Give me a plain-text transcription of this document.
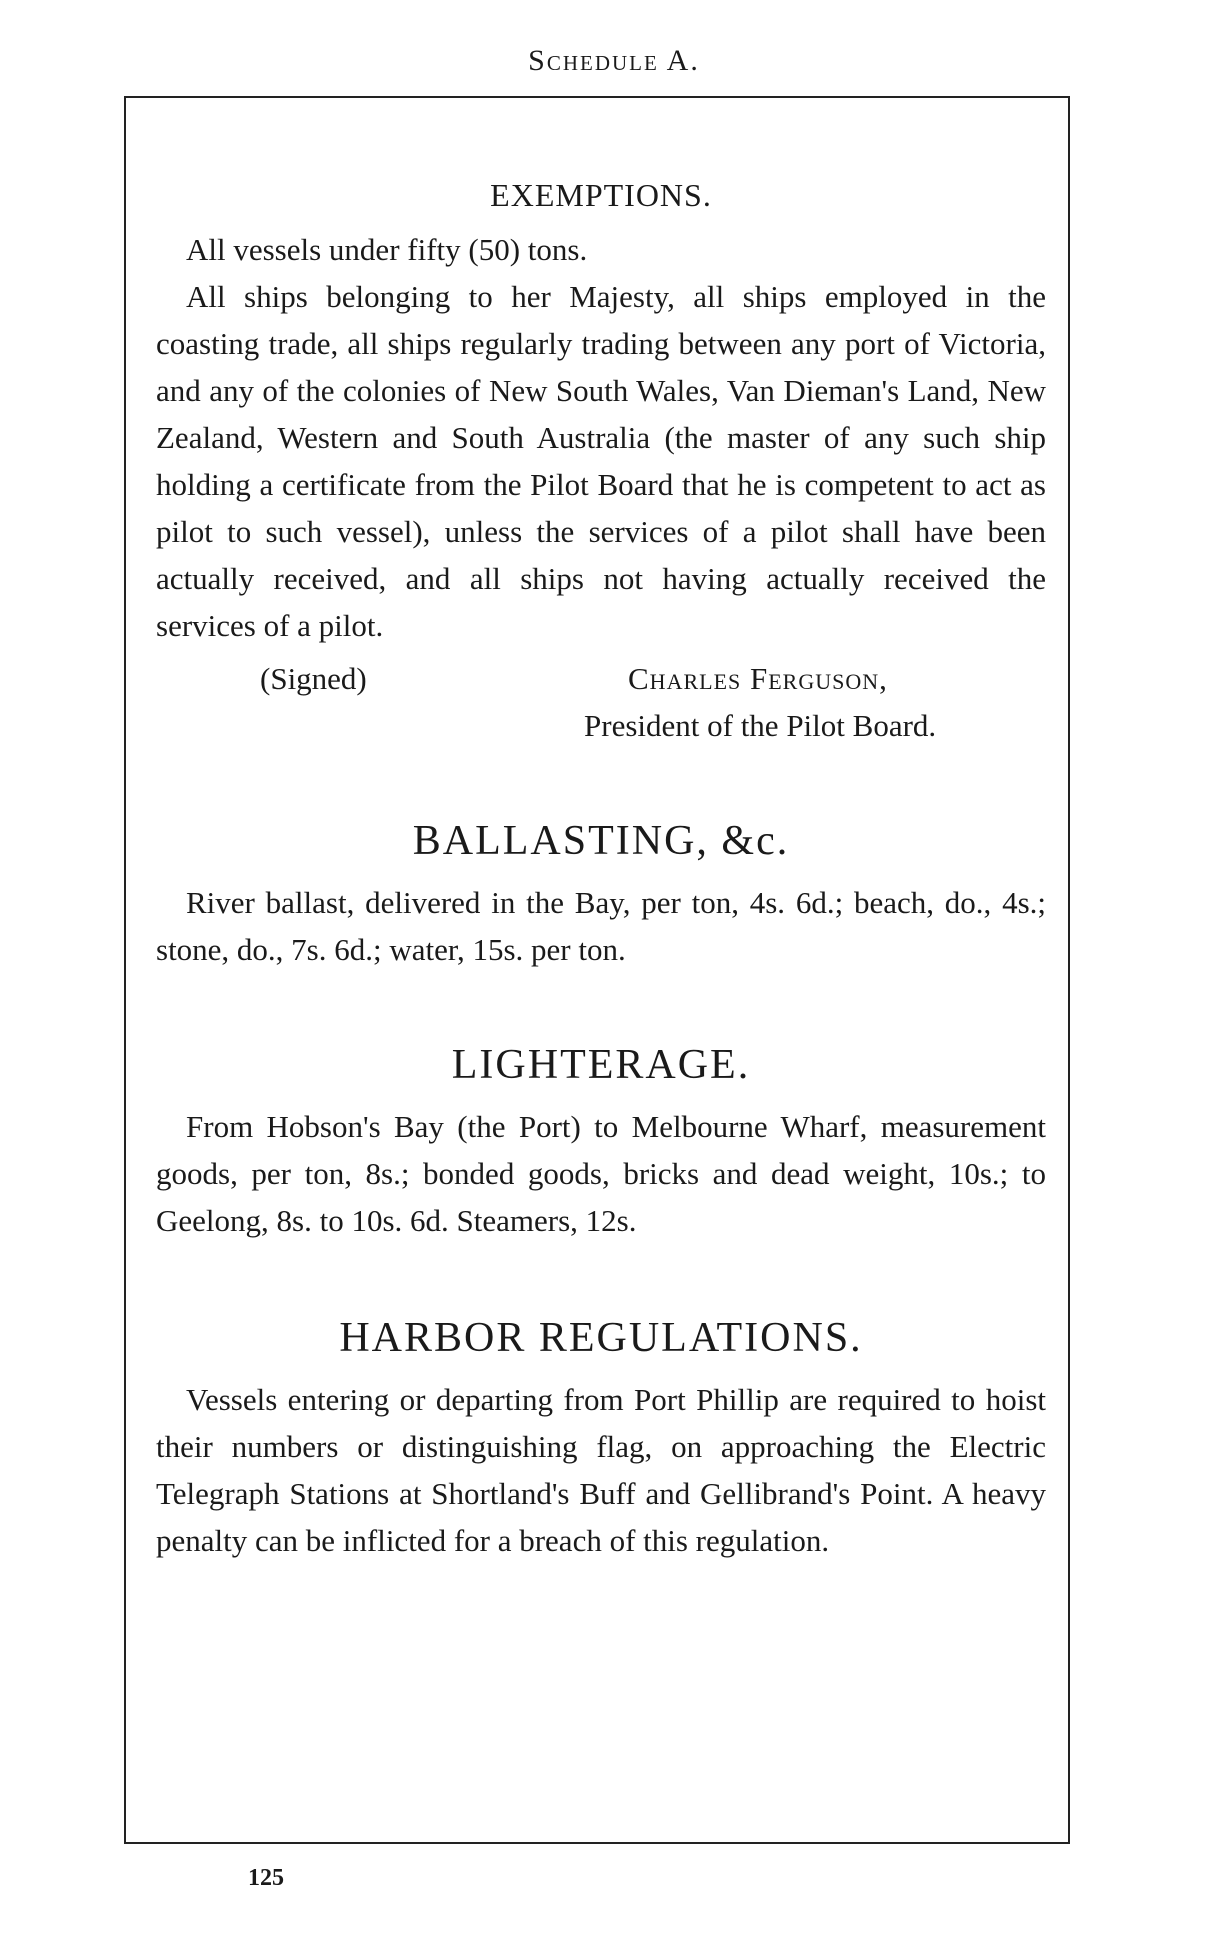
Schedule A.
EXEMPTIONS.

All vessels under fifty (50) tons.

All ships belonging to her Majesty, all ships employed in the coasting trade, all ships regularly trading between any port of Victoria, and any of the colonies of New South Wales, Van Dieman's Land, New Zealand, Western and South Australia (the master of any such ship holding a certificate from the Pilot Board that he is competent to act as pilot to such vessel), unless the services of a pilot shall have been actually received, and all ships not having actually received the services of a pilot.

(Signed)	Charles Ferguson,
President of the Pilot Board.
BALLASTING, &c.

River ballast, delivered in the Bay, per ton, 4s. 6d.; beach, do., 4s.; stone, do., 7s. 6d.; water, 15s. per ton.

LIGHTERAGE.

From Hobson's Bay (the Port) to Melbourne Wharf, measurement goods, per ton, 8s.; bonded goods, bricks and dead weight, 10s.; to Geelong, 8s. to 10s. 6d. Steamers, 12s.

HARBOR REGULATIONS.

Vessels entering or departing from Port Phillip are required to hoist their numbers or distinguishing flag, on approaching the Electric Telegraph Stations at Shortland's Buff and Gellibrand's Point. A heavy penalty can be inflicted for a breach of this regulation.

125
